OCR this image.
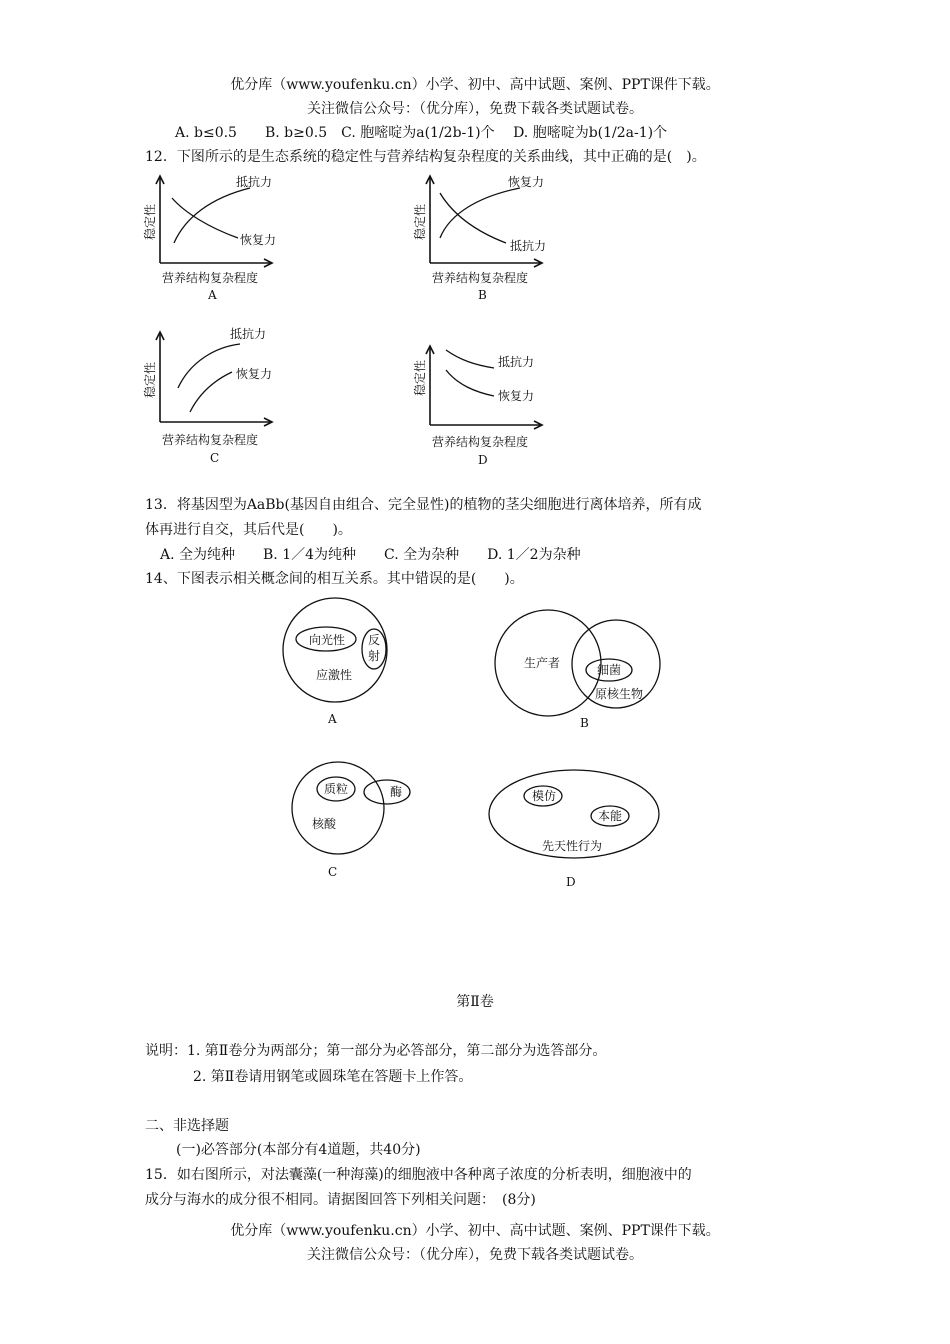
优分库（www.youfenku.cn）小学、初中、高中试题、案例、PPT课件下载。
关注微信公众号：（优分库），免费下载各类试题试卷。
A. b≤0.5　　B. b≥0.5　C. 胞嘧啶为a(1/2b-1)个　 D. 胞嘧啶为b(1/2a-1)个
12．下图所示的是生态系统的稳定性与营养结构复杂程度的关系曲线，其中正确的是(　)。
抵抗力
恢复力
稳定性
营养结构复杂程度
A
恢复力
抵抗力
稳定性
营养结构复杂程度
B
抵抗力
恢复力
稳定性
营养结构复杂程度
C
抵抗力
恢复力
稳定性
营养结构复杂程度
D
13．将基因型为AaBb(基因自由组合、完全显性)的植物的茎尖细胞进行离体培养，所有成
体再进行自交，其后代是(　　)。
A. 全为纯种　　B. 1／4为纯种　　C. 全为杂种　　D. 1／2为杂种
14、下图表示相关概念间的相互关系。其中错误的是(　　)。
向光性 反
射
应激性
A
生产者	细菌
原核生物
B
质粒	酶
核酸
C
模仿
本能
先天性行为
D
第Ⅱ卷
说明：1. 第Ⅱ卷分为两部分；第一部分为必答部分，第二部分为选答部分。
2. 第Ⅱ卷请用钢笔或圆珠笔在答题卡上作答。
二、非选择题
(一)必答部分(本部分有4道题，共40分)
15．如右图所示，对法囊藻(一种海藻)的细胞液中各种离子浓度的分析表明，细胞液中的
成分与海水的成分很不相同。请据图回答下列相关问题：　(8分)
优分库（www.youfenku.cn）小学、初中、高中试题、案例、PPT课件下载。
关注微信公众号：（优分库），免费下载各类试题试卷。
